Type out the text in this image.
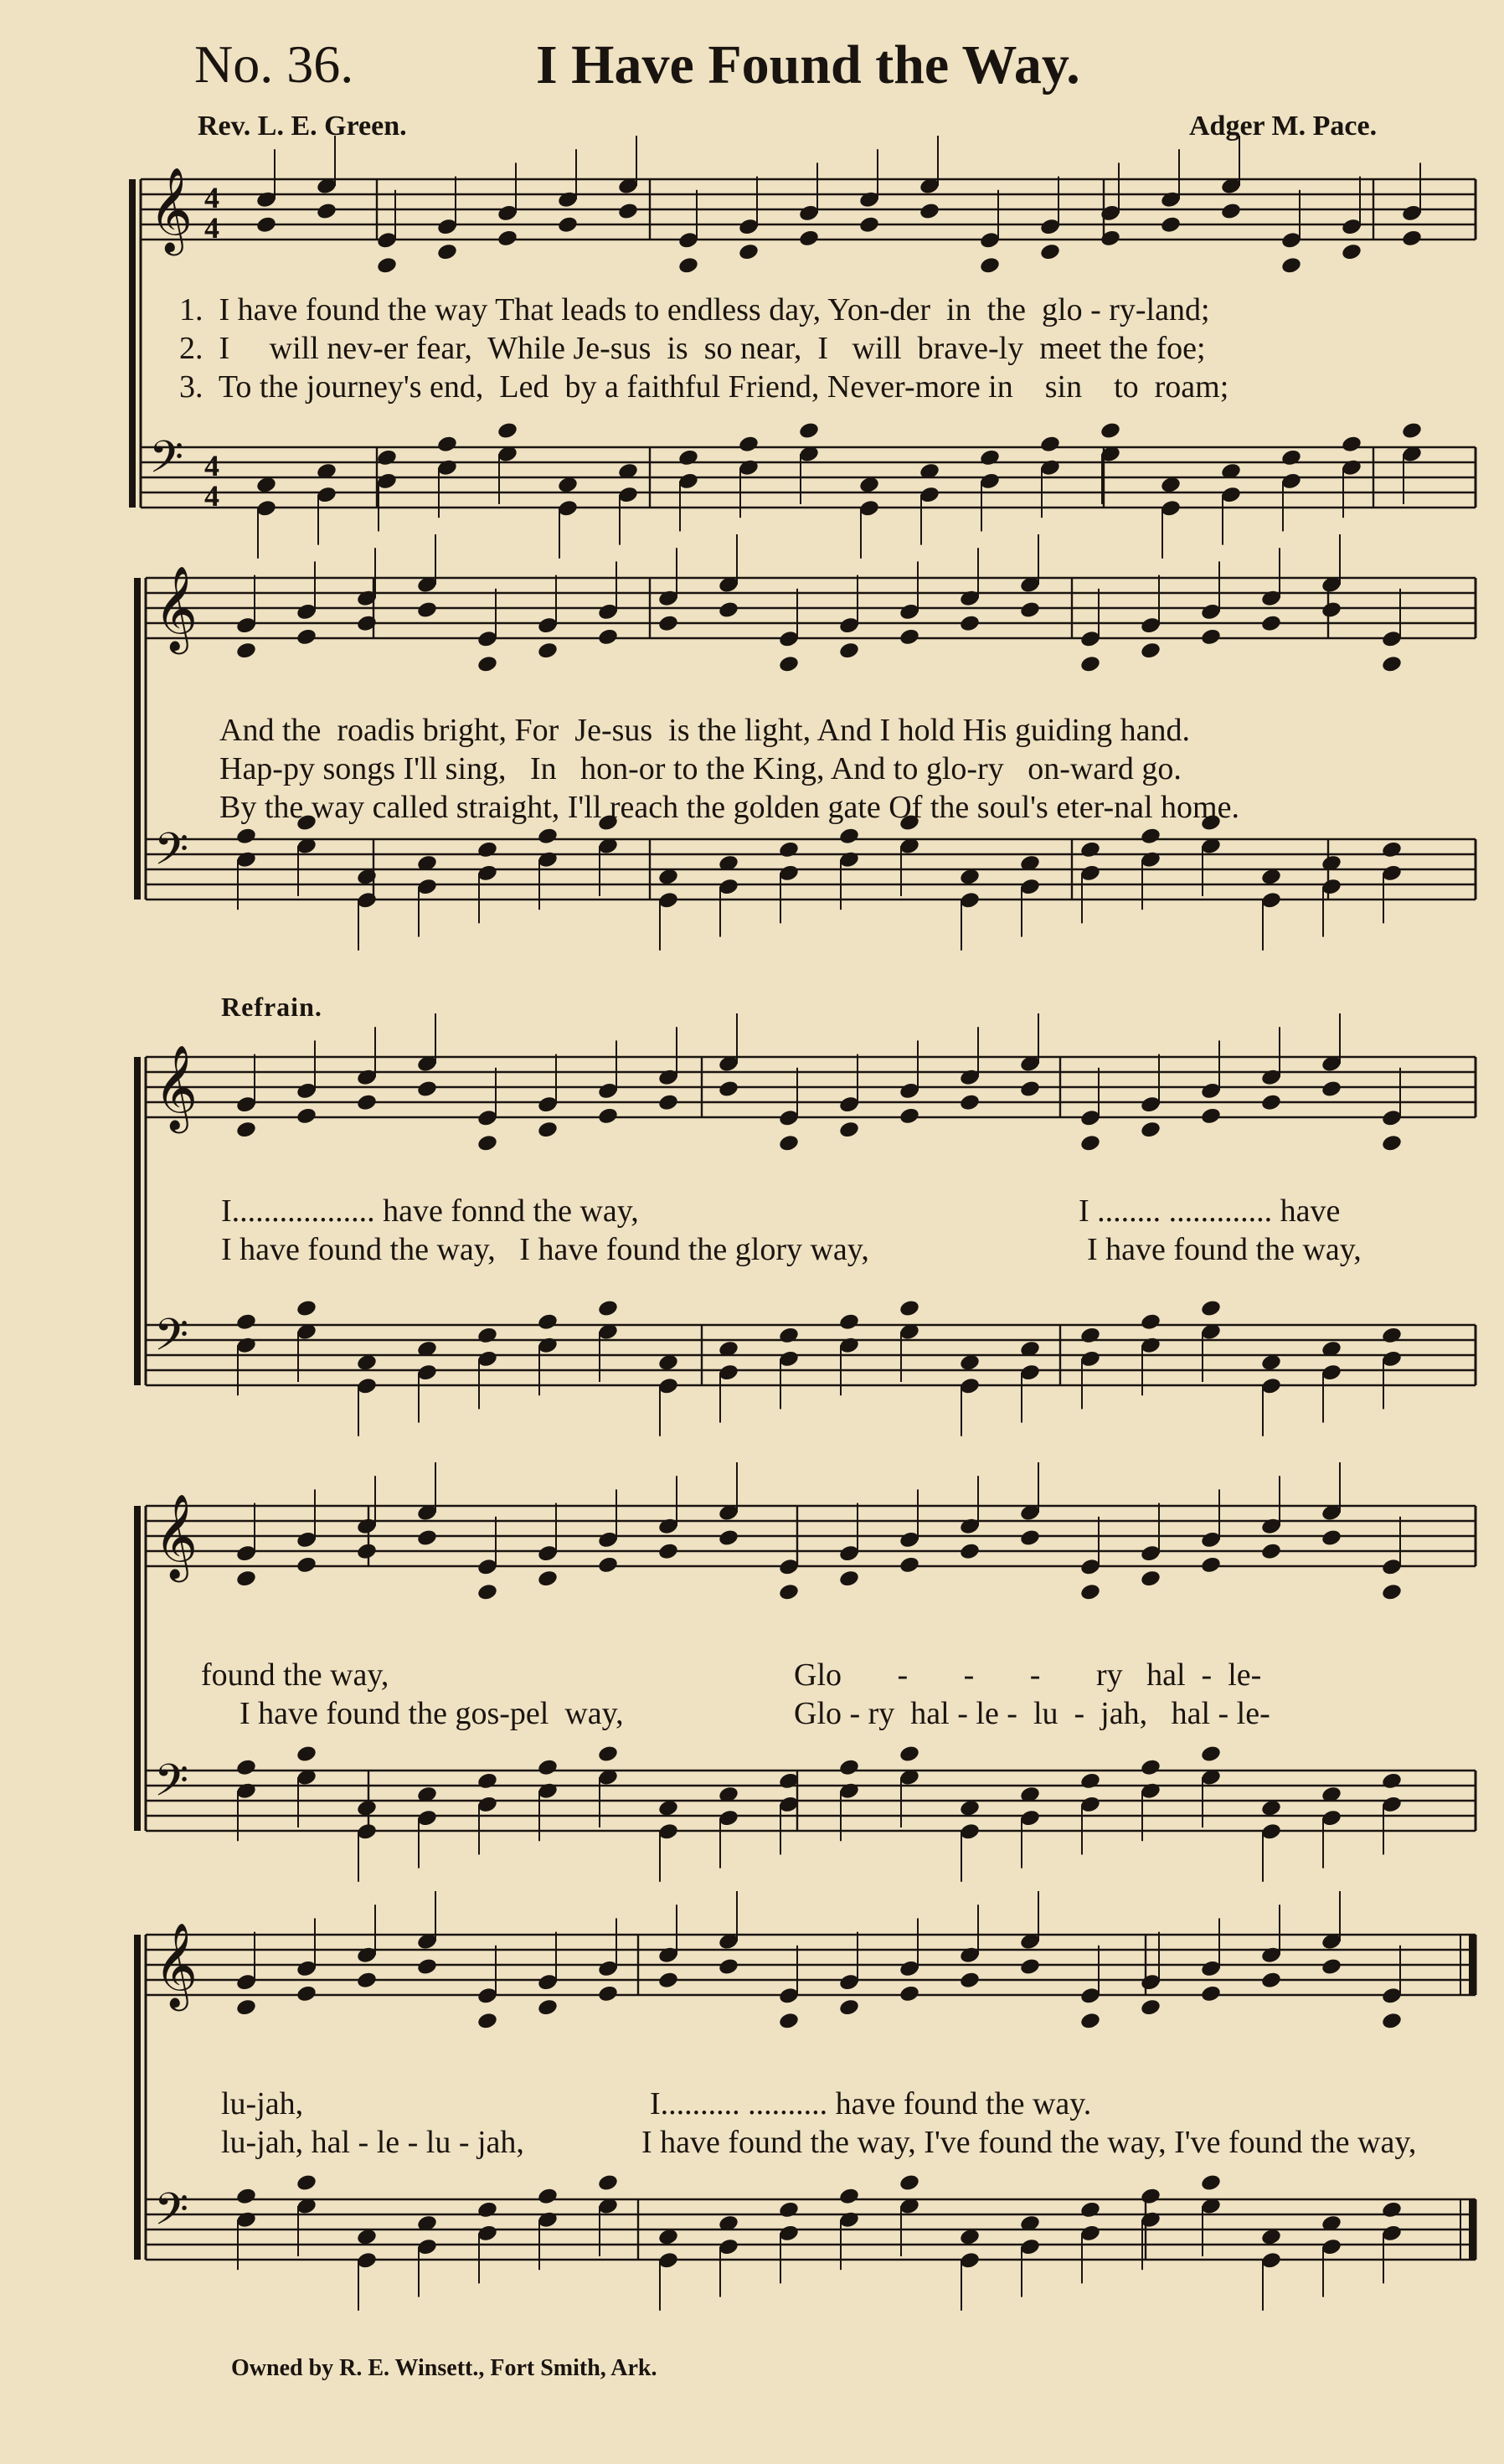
No. 36.	I Have Found the Way.
Rev. L. E. Green.	Adger M. Pace.
𝄞
𝄢
4
4
4
4
𝄞
𝄢
𝄞
𝄢
𝄞
𝄢
𝄞
𝄢
1.  I have found the way That leads to endless day, Yon-der  in  the  glo - ry-land;
2.  I     will nev-er fear,  While Je-sus  is  so near,  I   will  brave-ly  meet the foe;
3.  To the journey's end,  Led  by a faithful Friend, Never-more in    sin    to  roam;
And the  roadis bright, For  Je-sus  is the light, And I hold His guiding hand.
Hap-py songs I'll sing,   In   hon-or to the King, And to glo-ry   on-ward go.
By the way called straight, I'll reach the golden gate Of the soul's eter-nal home.
Refrain.
I.................. have fonnd the way,
I have found the way,   I have found the glory way,
I ........ ............. have
I have found the way,
found the way,
I have found the gos-pel  way,
Glo       -       -       -       ry   hal  -  le-
Glo - ry  hal - le -  lu  -  jah,   hal - le-
lu-jah,
lu-jah, hal - le - lu - jah,
I.......... .......... have found the way.
I have found the way, I've found the way, I've found the way,
Owned by R. E. Winsett., Fort Smith, Ark.
